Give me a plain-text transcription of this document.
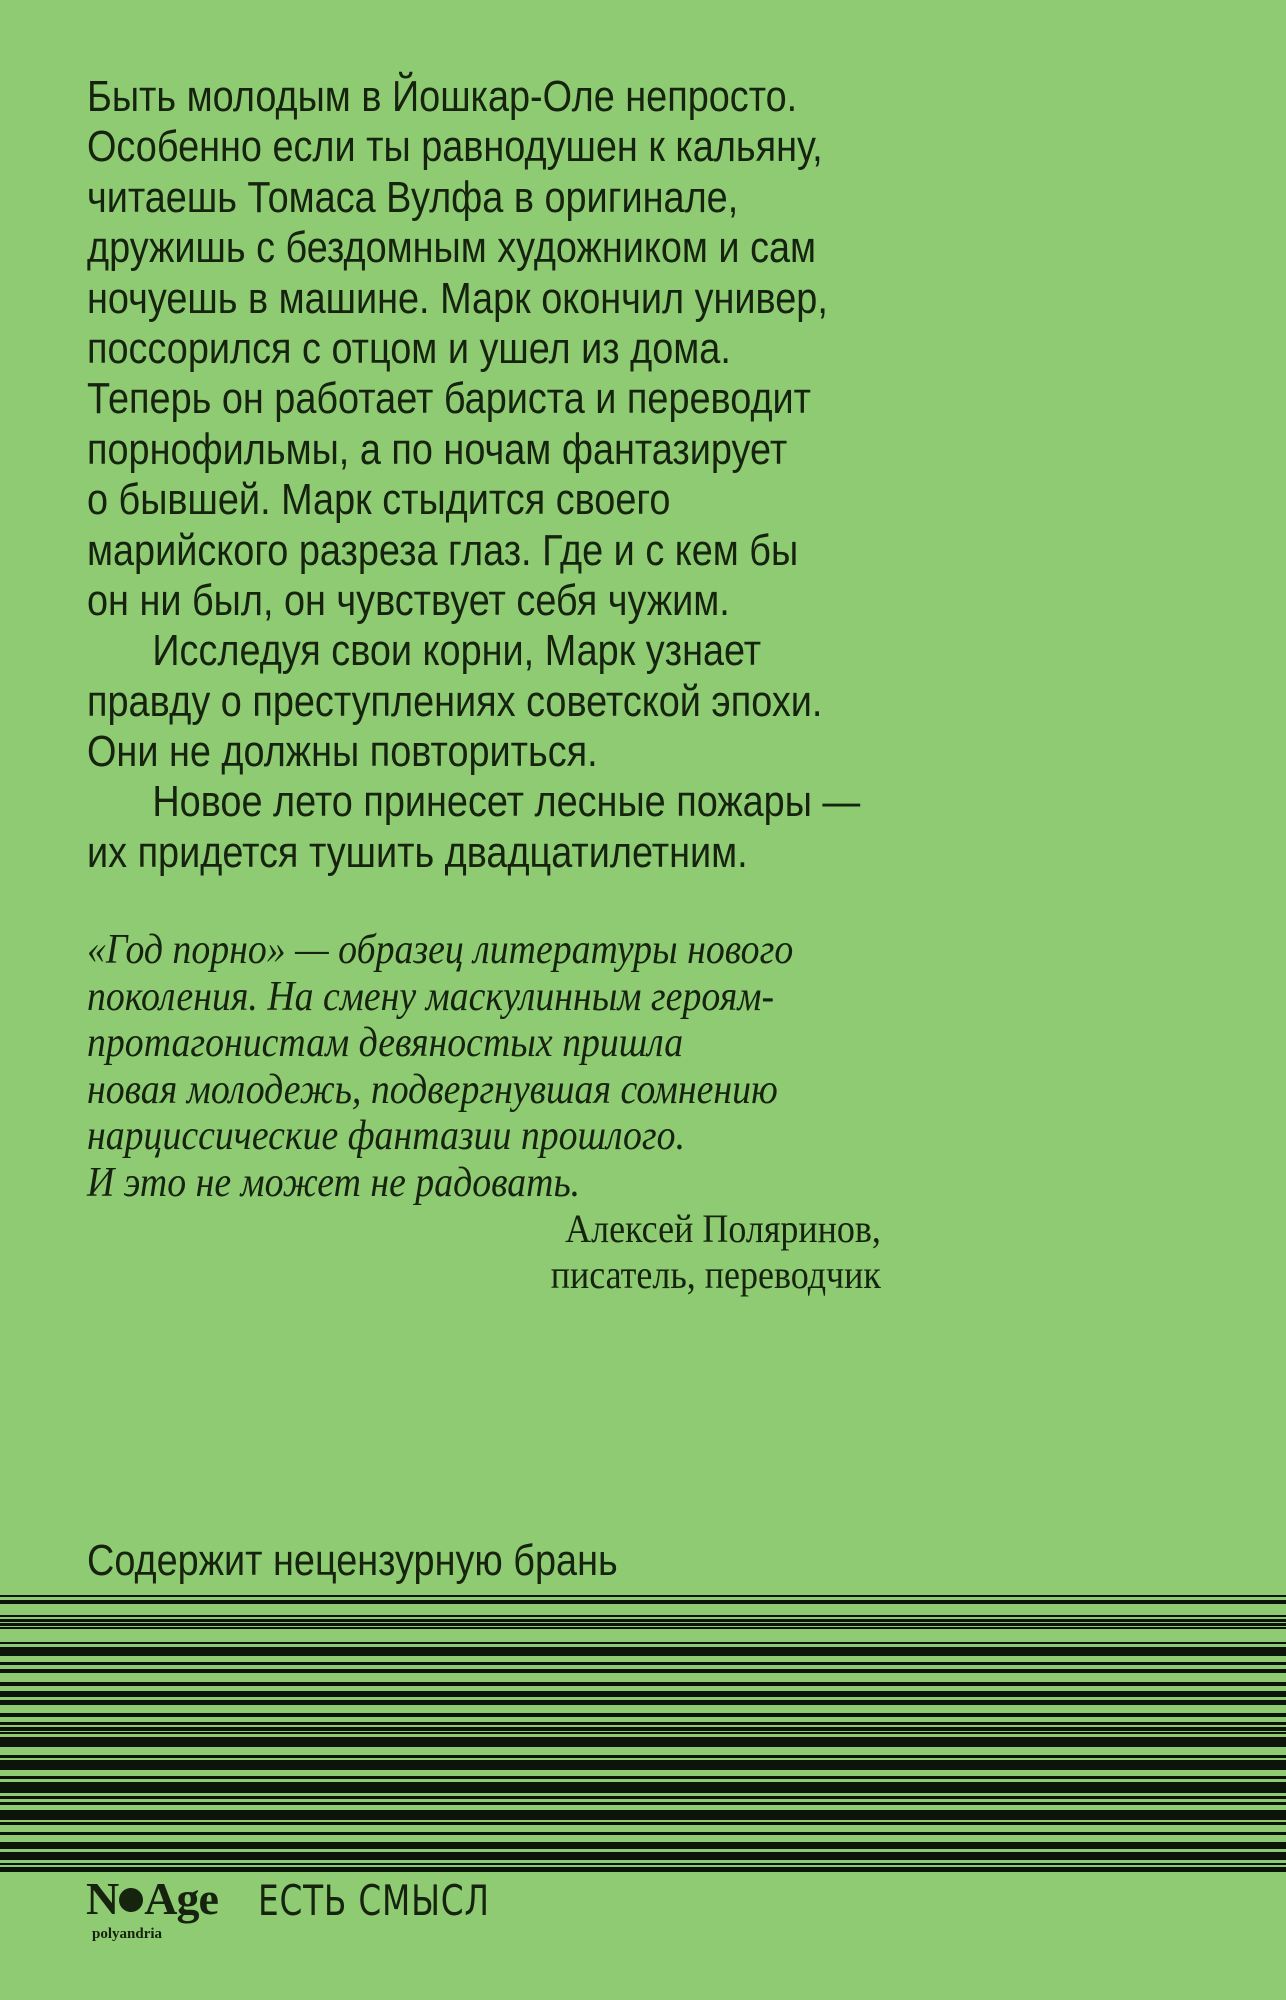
Быть молодым в Йошкар-Оле непросто.
Особенно если ты равнодушен к кальяну,
читаешь Томаса Вулфа в оригинале,
дружишь с бездомным художником и сам
ночуешь в машине. Марк окончил универ,
поссорился с отцом и ушел из дома.
Теперь он работает бариста и переводит
порнофильмы, а по ночам фантазирует
о бывшей. Марк стыдится своего
марийского разреза глаз. Где и с кем бы
он ни был, он чувствует себя чужим.
Исследуя свои корни, Марк узнает
правду о преступлениях советской эпохи.
Они не должны повториться.
Новое лето принесет лесные пожары —
их придется тушить двадцатилетним.
«Год порно» — образец литературы нового
поколения. На смену маскулинным героям-
протагонистам девяностых пришла
новая молодежь, подвергнувшая сомнению
нарциссические фантазии прошлого.
И это не может не радовать.
Алексей Поляринов,
писатель, переводчик
Содержит нецензурную брань
N Age
polyandria
ЕСТЬ СМЫСЛ
